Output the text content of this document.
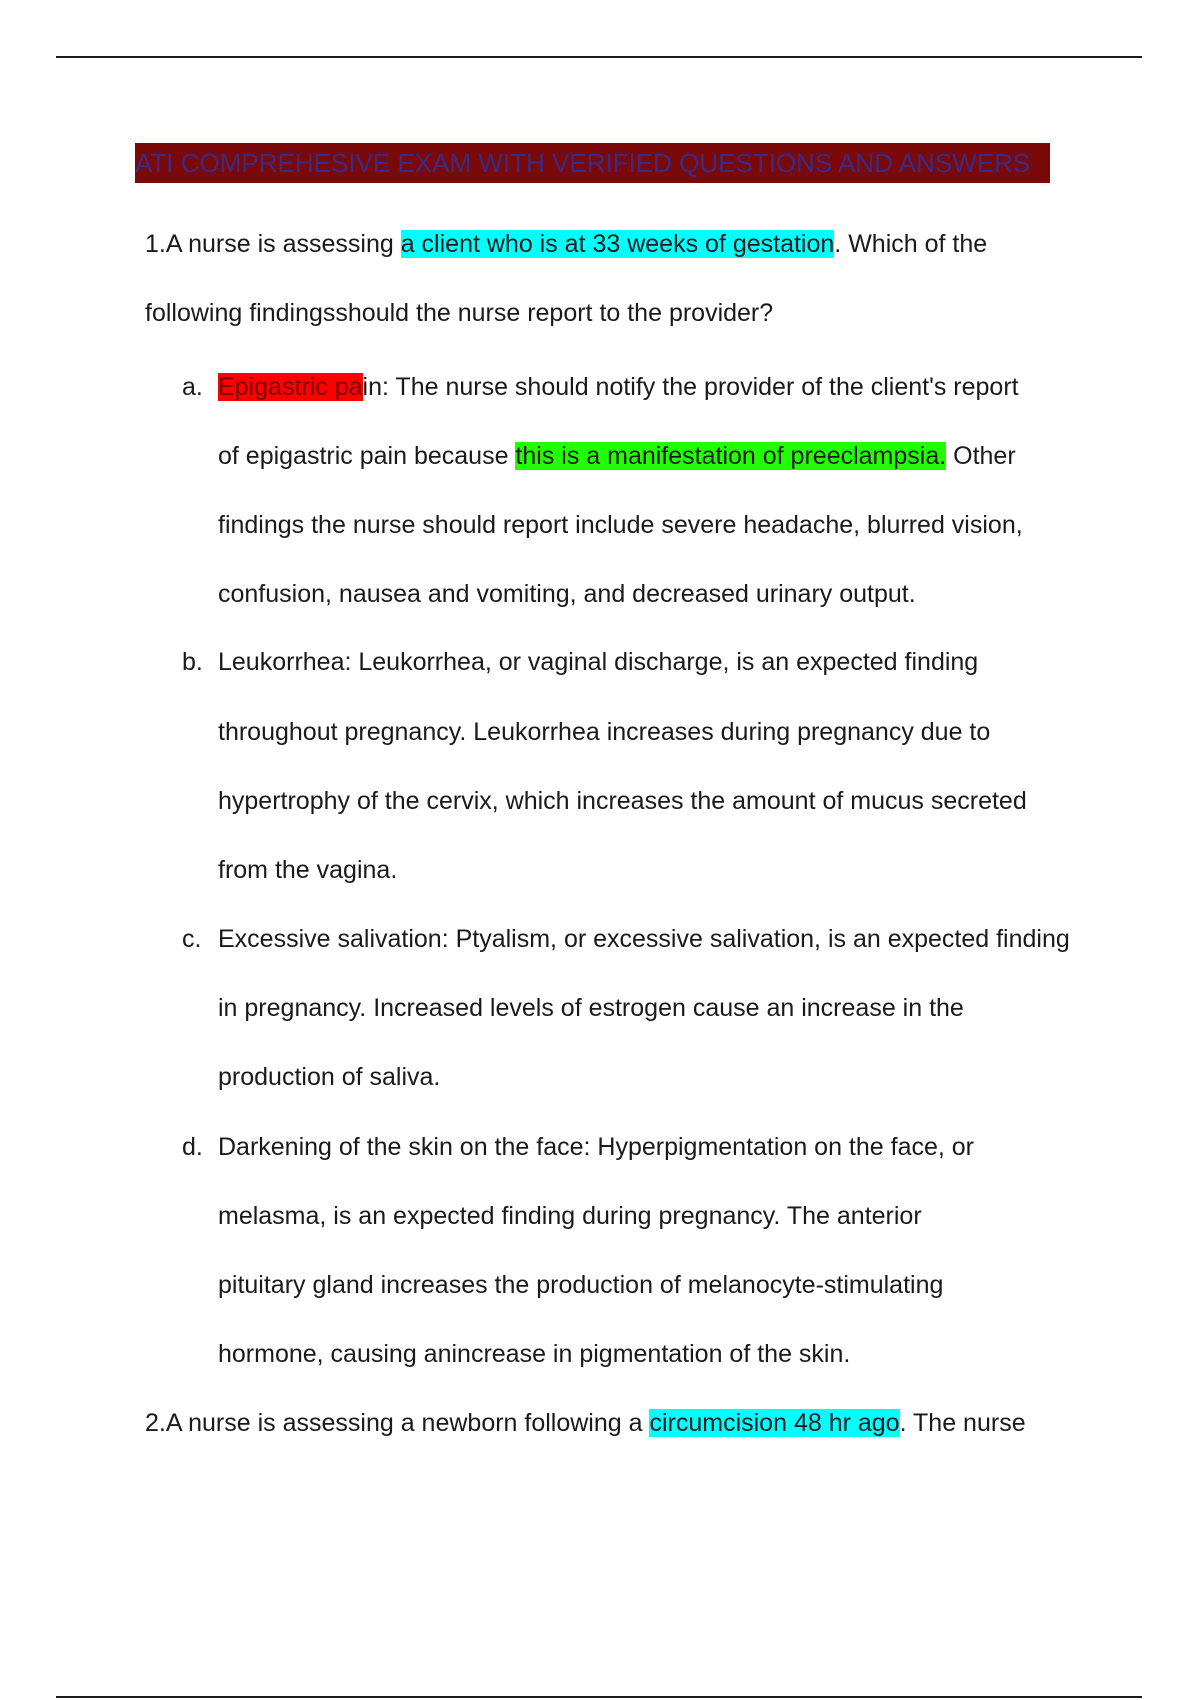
ATI COMPREHESIVE EXAM WITH VERIFIED QUESTIONS AND ANSWERS
1.A nurse is assessing a client who is at 33 weeks of gestation. Which of the
following findingsshould the nurse report to the provider?
a. Epigastric pain: The nurse should notify the provider of the client's report
of epigastric pain because this is a manifestation of preeclampsia. Other
findings the nurse should report include severe headache, blurred vision,
confusion, nausea and vomiting, and decreased urinary output.
b. Leukorrhea: Leukorrhea, or vaginal discharge, is an expected finding
throughout pregnancy. Leukorrhea increases during pregnancy due to
hypertrophy of the cervix, which increases the amount of mucus secreted
from the vagina.
c. Excessive salivation: Ptyalism, or excessive salivation, is an expected finding
in pregnancy. Increased levels of estrogen cause an increase in the
production of saliva.
d. Darkening of the skin on the face: Hyperpigmentation on the face, or
melasma, is an expected finding during pregnancy. The anterior
pituitary gland increases the production of melanocyte-stimulating
hormone, causing anincrease in pigmentation of the skin.
2.A nurse is assessing a newborn following a circumcision 48 hr ago. The nurse
